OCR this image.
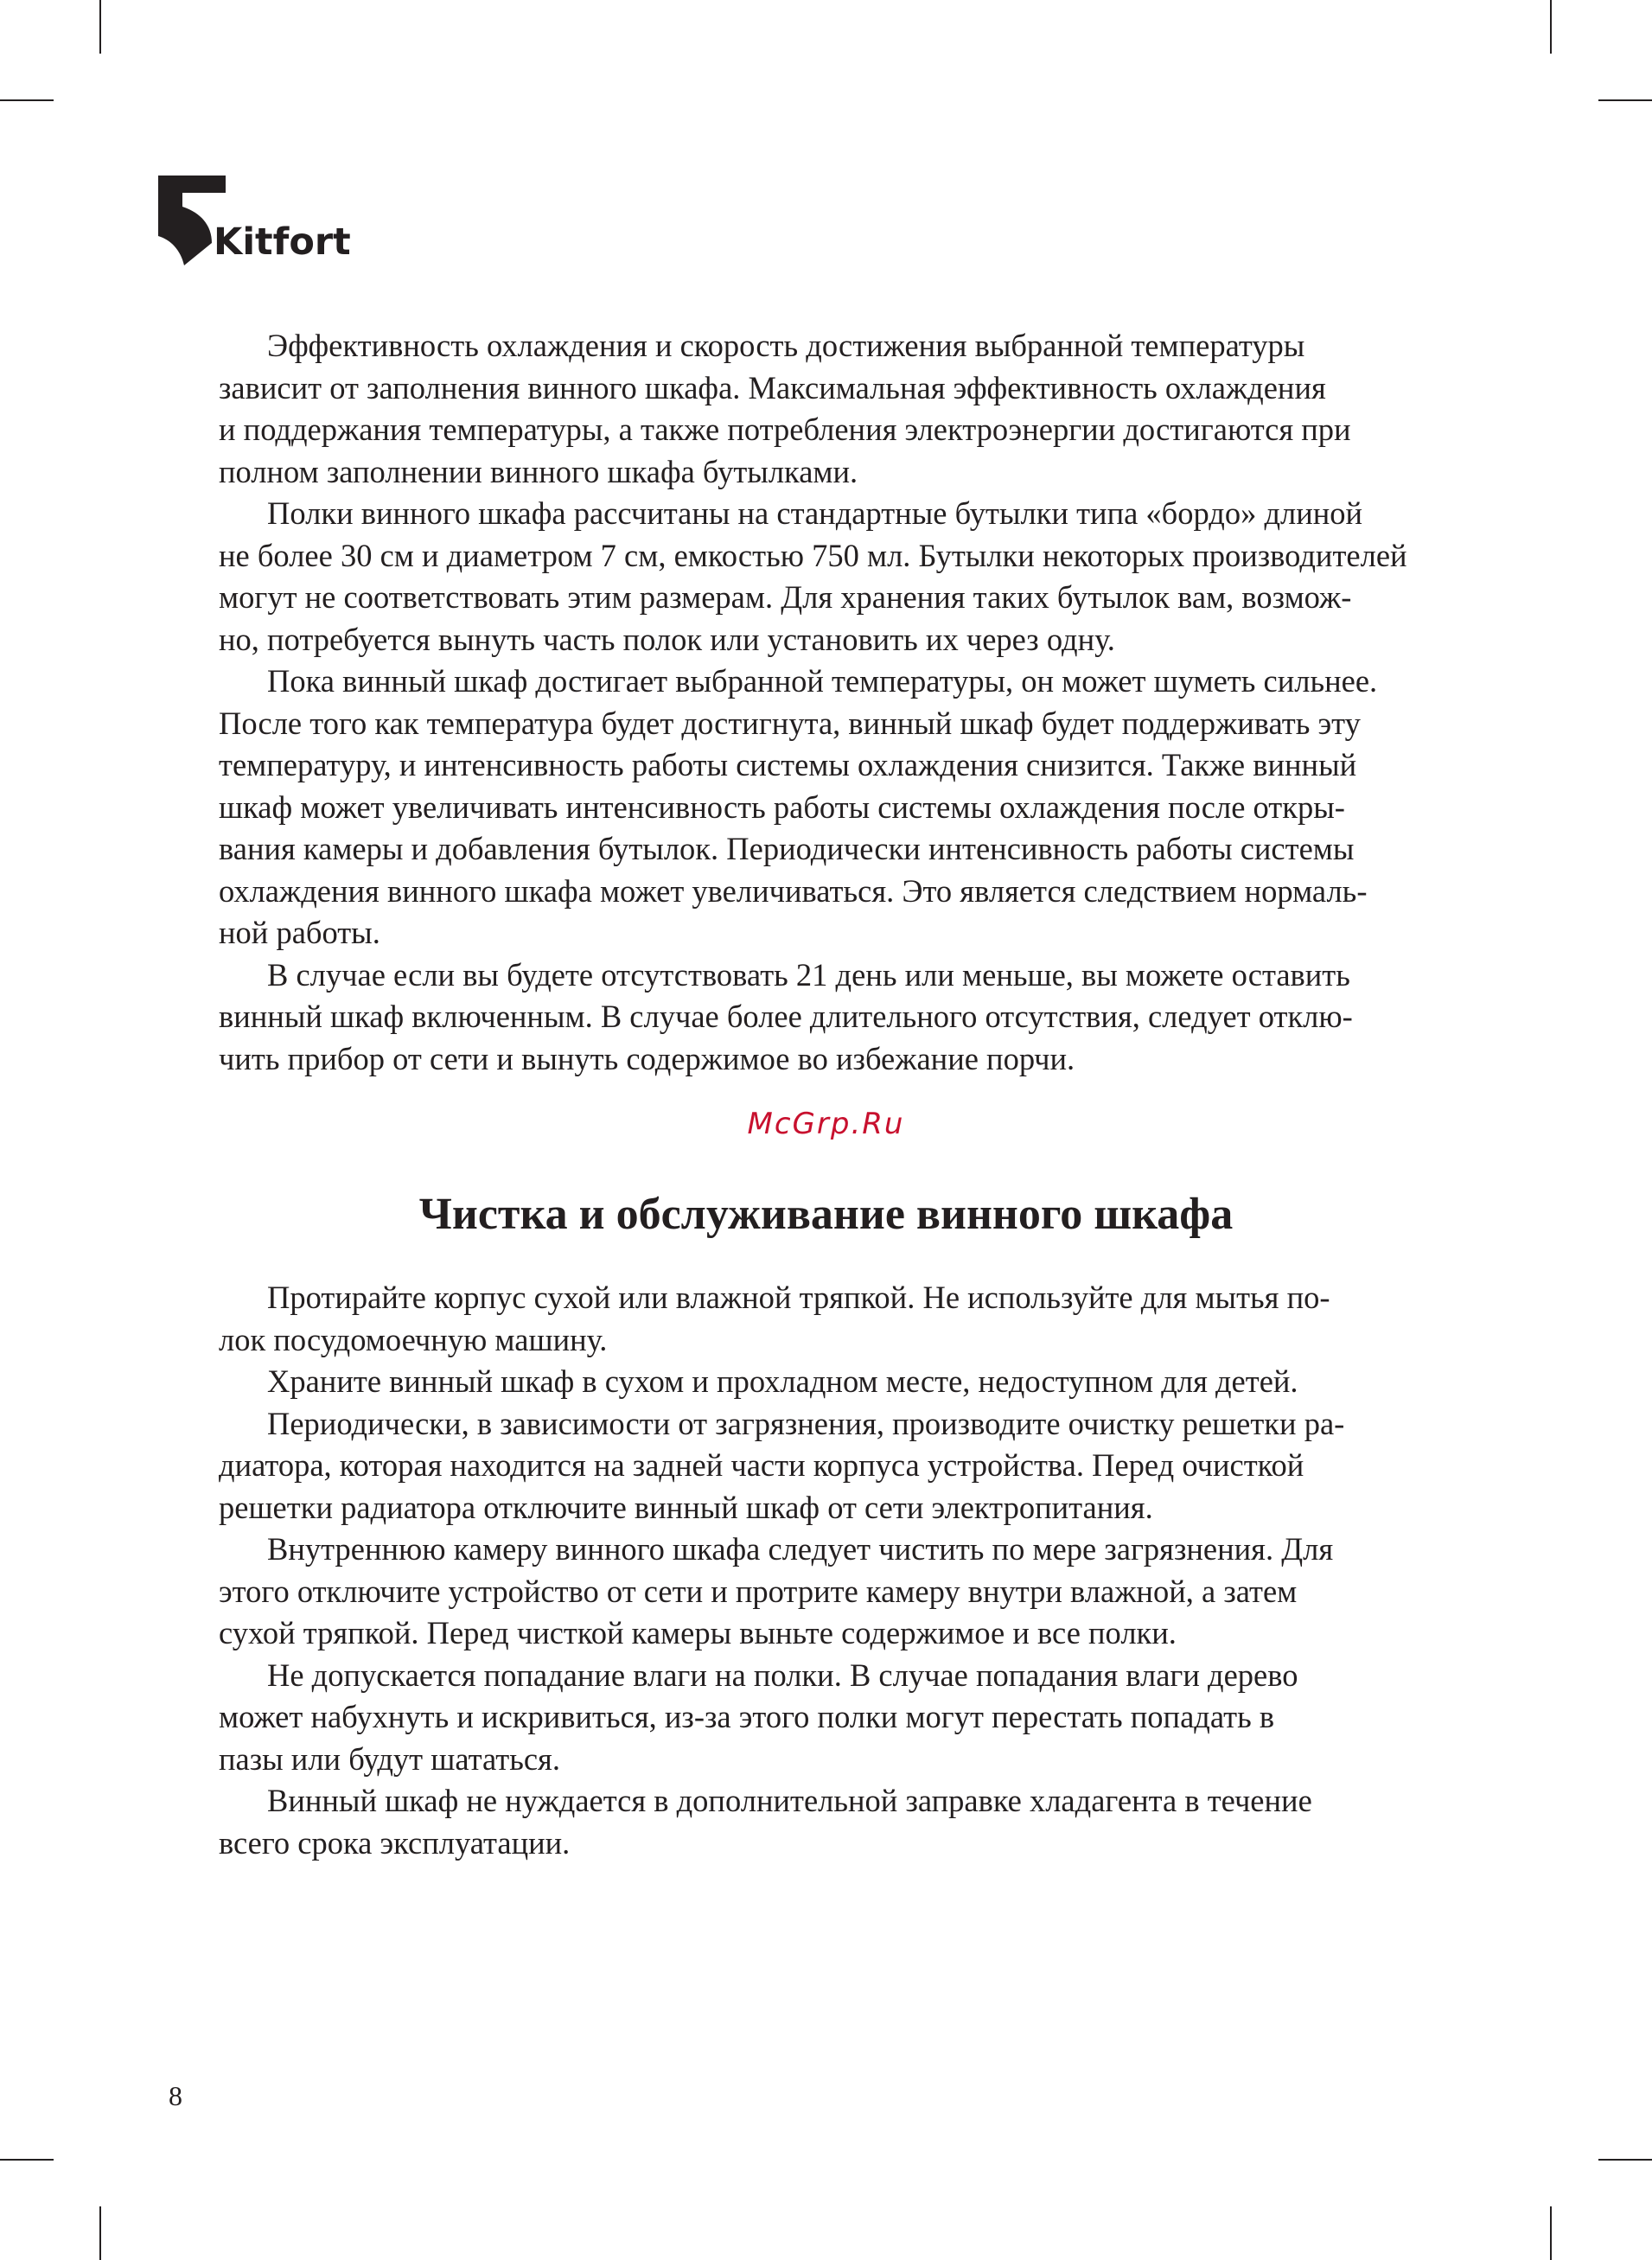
Kitfort

Эффективность охлаждения и скорость достижения выбранной температуры
зависит от заполнения винного шкафа. Максимальная эффективность охлаждения
и поддержания температуры, а также потребления электроэнергии достигаются при
полном заполнении винного шкафа бутылками.

Полки винного шкафа рассчитаны на стандартные бутылки типа «бордо» длиной
не более 30 см и диаметром 7 см, емкостью 750 мл. Бутылки некоторых производителей
могут не соответствовать этим размерам. Для хранения таких бутылок вам, возмож-
но, потребуется вынуть часть полок или установить их через одну.

Пока винный шкаф достигает выбранной температуры, он может шуметь сильнее.
После того как температура будет достигнута, винный шкаф будет поддерживать эту
температуру, и интенсивность работы системы охлаждения снизится. Также винный
шкаф может увеличивать интенсивность работы системы охлаждения после откры-
вания камеры и добавления бутылок. Периодически интенсивность работы системы
охлаждения винного шкафа может увеличиваться. Это является следствием нормаль-
ной работы.

В случае если вы будете отсутствовать 21 день или меньше, вы можете оставить
винный шкаф включенным. В случае более длительного отсутствия, следует отклю-
чить прибор от сети и вынуть содержимое во избежание порчи.

McGrp.Ru
Чистка и обслуживание винного шкафа

Протирайте корпус сухой или влажной тряпкой. Не используйте для мытья по-
лок посудомоечную машину.

Храните винный шкаф в сухом и прохладном месте, недоступном для детей.

Периодически, в зависимости от загрязнения, производите очистку решетки ра-
диатора, которая находится на задней части корпуса устройства. Перед очисткой
решетки радиатора отключите винный шкаф от сети электропитания.

Внутреннюю камеру винного шкафа следует чистить по мере загрязнения. Для
этого отключите устройство от сети и протрите камеру внутри влажной, а затем
сухой тряпкой. Перед чисткой камеры выньте содержимое и все полки.

Не допускается попадание влаги на полки. В случае попадания влаги дерево
может набухнуть и искривиться, из-за этого полки могут перестать попадать в
пазы или будут шататься.

Винный шкаф не нуждается в дополнительной заправке хладагента в течение
всего срока эксплуатации.

8
